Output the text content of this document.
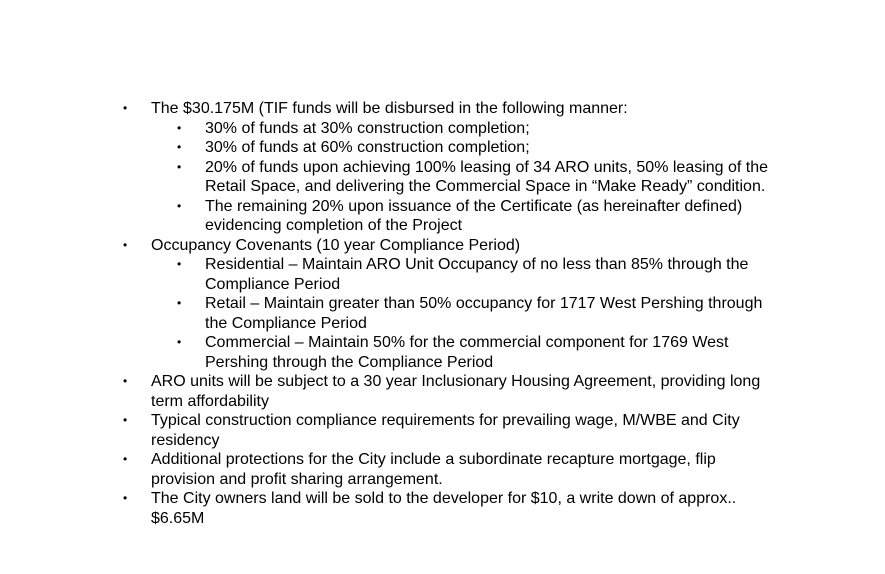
• The $30.175M (TIF funds will be disbursed in the following manner:
• 30% of funds at 30% construction completion;
• 30% of funds at 60% construction completion;
• 20% of funds upon achieving 100% leasing of 34 ARO units, 50% leasing of the Retail Space, and delivering the Commercial Space in “Make Ready” condition.
• The remaining 20% upon issuance of the Certificate (as hereinafter defined) evidencing completion of the Project
• Occupancy Covenants (10 year Compliance Period)
• Residential – Maintain ARO Unit Occupancy of no less than 85% through the Compliance Period
• Retail – Maintain greater than 50% occupancy for 1717 West Pershing through the Compliance Period
• Commercial – Maintain 50% for the commercial component for 1769 West Pershing through the Compliance Period
• ARO units will be subject to a 30 year Inclusionary Housing Agreement, providing long term affordability
• Typical construction compliance requirements for prevailing wage, M/WBE and City residency
• Additional protections for the City include a subordinate recapture mortgage, flip provision and profit sharing arrangement.
• The City owners land will be sold to the developer for $10, a write down of approx.. $6.65M
